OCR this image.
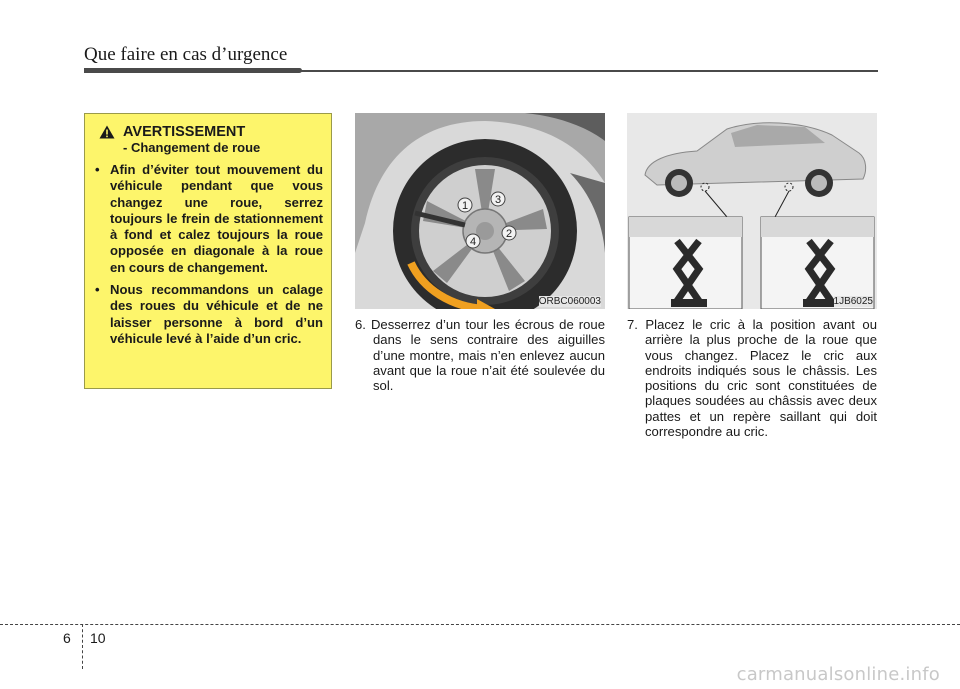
Que faire en cas d’urgence
AVERTISSEMENT
- Changement de roue
• Afin d’éviter tout mouvement du véhicule pendant que vous changez une roue, serrez toujours le frein de stationnement à fond et calez toujours la roue opposée en diagonale à la roue en cours de changement.
• Nous recommandons un calage des roues du véhicule et de ne laisser personne à bord d’un véhicule levé à l’aide d’un cric.
1
2
3
4
ORBC060003	1JB6025
6. Desserrez d’un tour les écrous de roue dans le sens contraire des aiguilles d’une montre, mais n’en enlevez aucun avant que la roue n’ait été soulevée du sol.
7. Placez le cric à la position avant ou arrière la plus proche de la roue que vous changez. Placez le cric aux endroits indiqués sous le châssis. Les positions du cric sont constituées de plaques soudées au châssis avec deux pattes et un repère saillant qui doit correspondre au cric.
6 10
carmanualsonline.info
